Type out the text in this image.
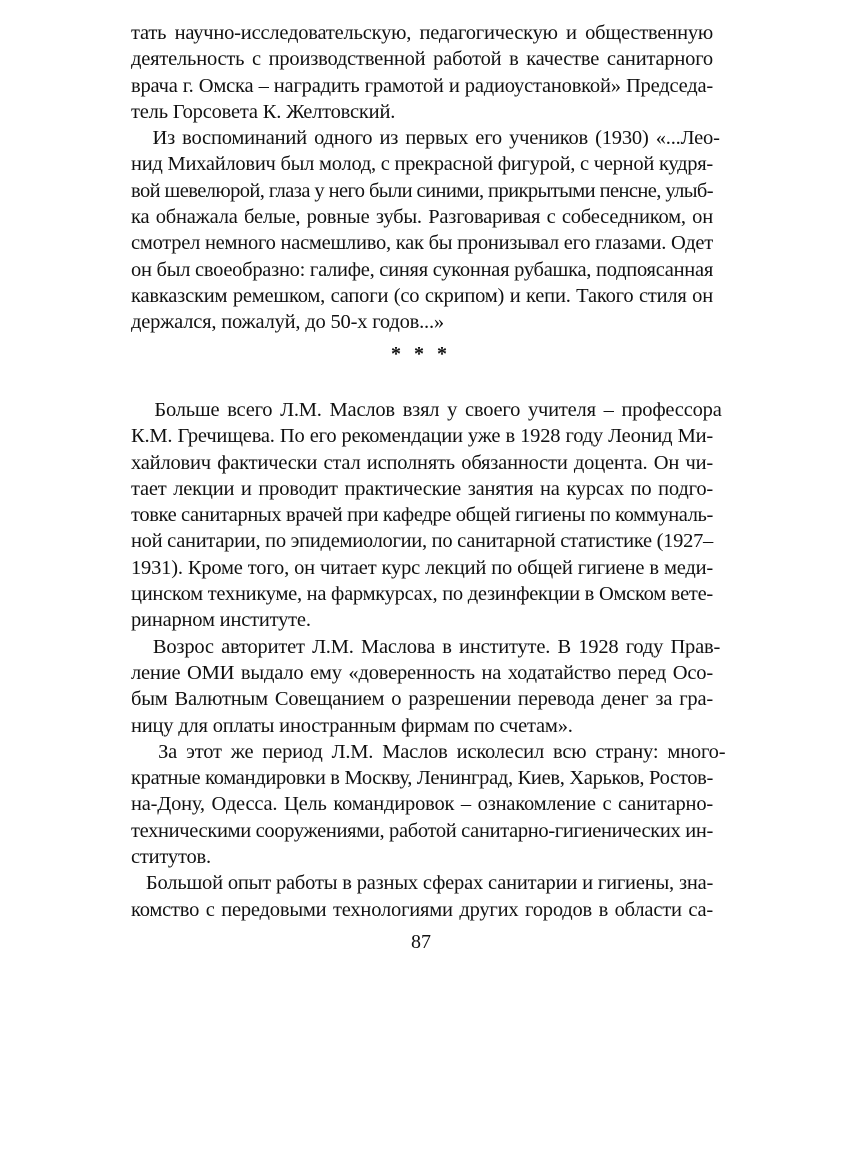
тать научно-исследовательскую, педагогическую и общественную
деятельность с производственной работой в качестве санитарного
врача г. Омска – наградить грамотой и радиоустановкой» Председа-
тель Горсовета К. Желтовский.
Из воспоминаний одного из первых его учеников (1930) «...Лео-
нид Михайлович был молод, с прекрасной фигурой, с черной кудря-
вой шевелюрой, глаза у него были синими, прикрытыми пенсне, улыб-
ка обнажала белые, ровные зубы. Разговаривая с собеседником, он
смотрел немного насмешливо, как бы пронизывал его глазами. Одет
он был своеобразно: галифе, синяя суконная рубашка, подпоясанная
кавказским ремешком, сапоги (со скрипом) и кепи. Такого стиля он
держался, пожалуй, до 50-х годов...»
* * *
Больше всего Л.М. Маслов взял у своего учителя – профессора
К.М. Гречищева. По его рекомендации уже в 1928 году Леонид Ми-
хайлович фактически стал исполнять обязанности доцента. Он чи-
тает лекции и проводит практические занятия на курсах по подго-
товке санитарных врачей при кафедре общей гигиены по коммуналь-
ной санитарии, по эпидемиологии, по санитарной статистике (1927–
1931). Кроме того, он читает курс лекций по общей гигиене в меди-
цинском техникуме, на фармкурсах, по дезинфекции в Омском вете-
ринарном институте.
Возрос авторитет Л.М. Маслова в институте. В 1928 году Прав-
ление ОМИ выдало ему «доверенность на ходатайство перед Осо-
бым Валютным Совещанием о разрешении перевода денег за гра-
ницу для оплаты иностранным фирмам по счетам».
За этот же период Л.М. Маслов исколесил всю страну: много-
кратные командировки в Москву, Ленинград, Киев, Харьков, Ростов-
на-Дону, Одесса. Цель командировок – ознакомление с санитарно-
техническими сооружениями, работой санитарно-гигиенических ин-
ститутов.
Большой опыт работы в разных сферах санитарии и гигиены, зна-
комство с передовыми технологиями других городов в области са-
87
